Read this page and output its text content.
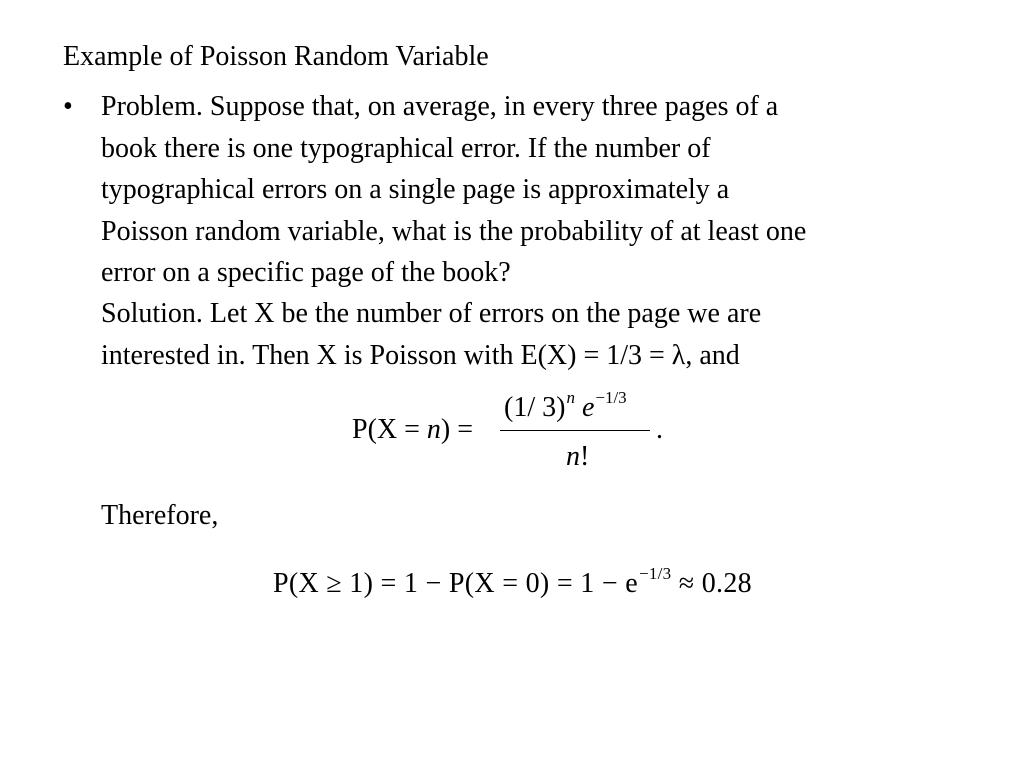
Example of Poisson Random Variable
• Problem. Suppose that, on average, in every three pages of a
book there is one typographical error. If the number of
typographical errors on a single page is approximately a
Poisson random variable, what is the probability of at least one
error on a specific page of the book?
Solution. Let X be the number of errors on the page we are
interested in. Then X is Poisson with E(X) = 1/3 = λ, and
P(X = n) =
(1/ 3)$^n$ $e^{-1/3}$
n!
.
Therefore,
$P(X \ge 1) = 1 - P(X = 0) = 1 - e^{-1/3} \approx 0.28$
